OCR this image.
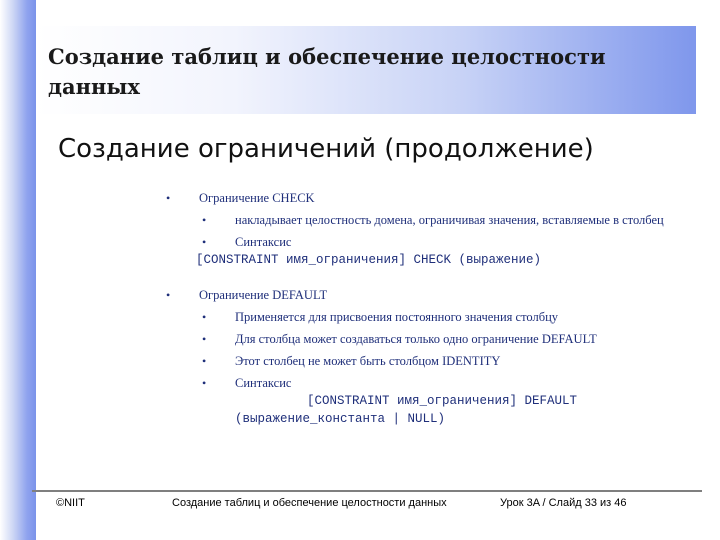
Создание таблиц и обеспечение целостности данных
Создание ограничений (продолжение)
• Ограничение CHECK
• накладывает целостность домена, ограничивая значения, вставляемые в столбец
• Синтаксис
[CONSTRAINT имя_ограничения] CHECK (выражение)
• Ограничение DEFAULT
• Применяется для присвоения постоянного значения столбцу
• Для столбца может создаваться только одно ограничение DEFAULT
• Этот столбец не может быть столбцом IDENTITY
• Синтаксис
[CONSTRAINT имя_ограничения] DEFAULT
(выражение_константа | NULL)
©NIIT	Создание таблиц и обеспечение целостности данных	Урок 3A / Слайд 33 из 46
